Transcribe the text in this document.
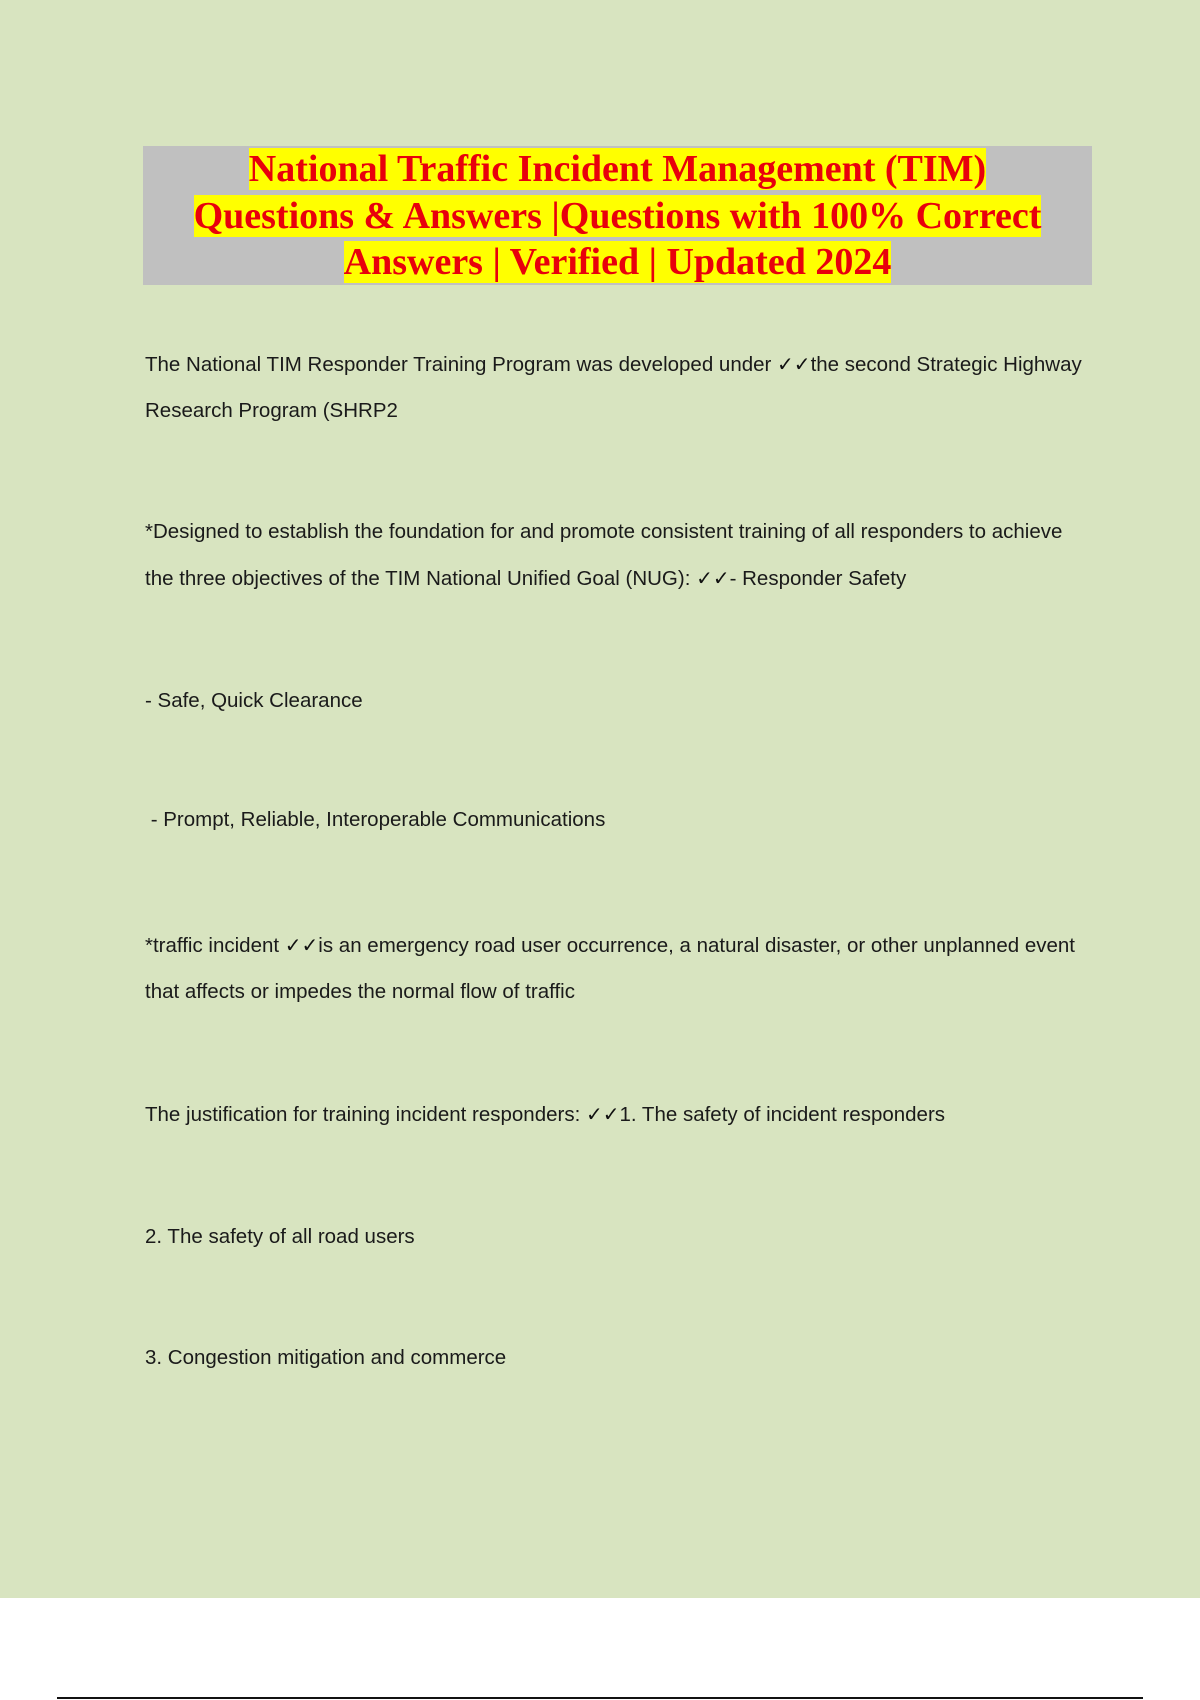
National Traffic Incident Management (TIM)
Questions & Answers |Questions with 100% Correct
Answers | Verified | Updated 2024

The National TIM Responder Training Program was developed under ✓✓the second Strategic Highway Research Program (SHRP2

*Designed to establish the foundation for and promote consistent training of all responders to achieve the three objectives of the TIM National Unified Goal (NUG): ✓✓- Responder Safety

- Safe, Quick Clearance

- Prompt, Reliable, Interoperable Communications

*traffic incident ✓✓is an emergency road user occurrence, a natural disaster, or other unplanned event that affects or impedes the normal flow of traffic

The justification for training incident responders: ✓✓1. The safety of incident responders

2. The safety of all road users

3. Congestion mitigation and commerce
